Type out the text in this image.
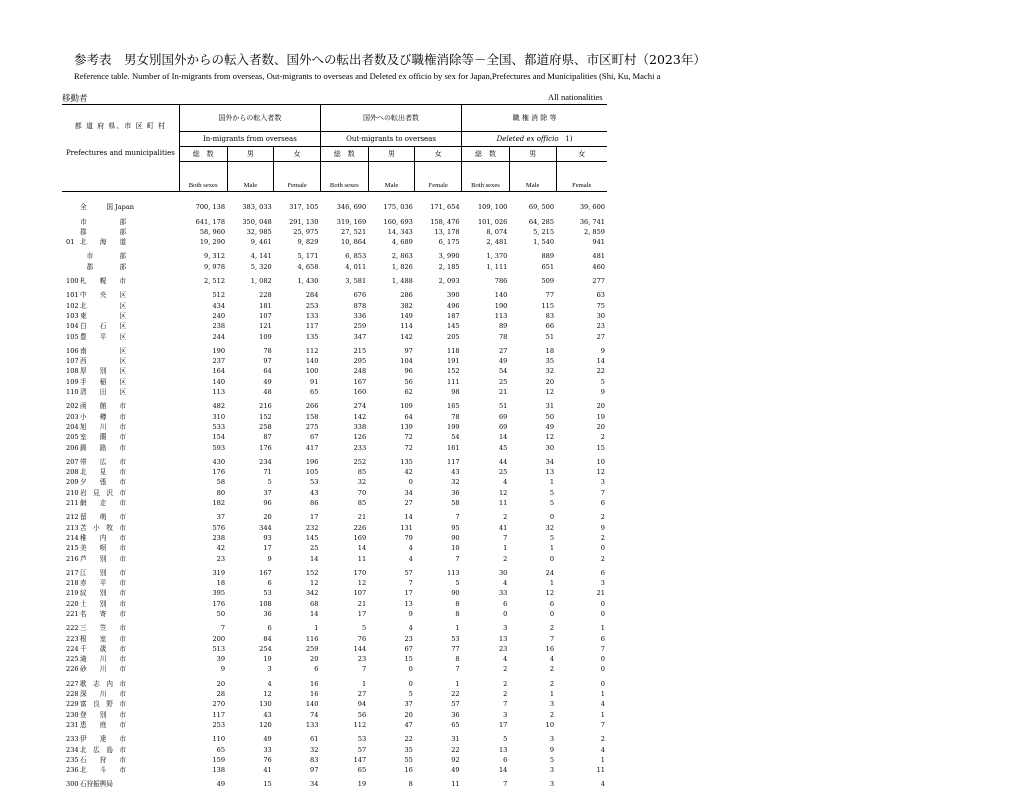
参考表　男女別国外からの転入者数、国外への転出者数及び職権消除等－全国、都道府県、市区町村（2023年）
Reference table. Number of In-migrants from overseas, Out-migrants to overseas and Deleted ex officio by sex for Japan,Prefectures and Municipalities (Shi, Ku, Machi a
移動者	All nationalities
都 道 府 県、市 区 町 村	国外からの転入者数			国外への転出者数			職 権 消 除 等		
	In-migrants from overseas			Out-migrants to overseas			Deleted ex officio 1)		
Prefectures and municipalities	総　数	男	女	総　数	男	女	総　数	男	女
	Both sexes	Male	Female	Both sexes	Male	Female	Both sexes	Male	Female

全　　　国 Japan	700, 138	383, 033	317, 105	346, 690	175, 036	171, 654	109, 100	69, 500	39, 600
市　　　　　部	641, 178	350, 048	291, 130	319, 169	160, 693	158, 476	101, 026	64, 285	36, 741
郡　　　　　部	58, 960	32, 985	25, 975	27, 521	14, 343	13, 178	8, 074	5, 215	2, 859
01 北　　海　　道	19, 290	9, 461	9, 829	10, 864	4, 689	6, 175	2, 481	1, 540	941
　市　　　　部	9, 312	4, 141	5, 171	6, 853	2, 863	3, 990	1, 370	889	481
　郡　　　　部	9, 978	5, 320	4, 658	4, 011	1, 826	2, 185	1, 111	651	460
100札　　幌　　市	2, 512	1, 082	1, 430	3, 581	1, 488	2, 093	786	509	277
101中　　央　　区	512	228	284	676	286	390	140	77	63
102北　　　　　区	434	181	253	878	382	496	190	115	75
103東　　　　　区	240	107	133	336	149	187	113	83	30
104白　　石　　区	238	121	117	259	114	145	89	66	23
105豊　　平　　区	244	109	135	347	142	205	78	51	27
106南　　　　　区	190	78	112	215	97	118	27	18	9
107西　　　　　区	237	97	140	295	104	191	49	35	14
108厚　　別　　区	164	64	100	248	96	152	54	32	22
109手　　稲　　区	140	49	91	167	56	111	25	20	5
110清　　田　　区	113	48	65	160	62	98	21	12	9
202函　　館　　市	482	216	266	274	109	165	51	31	20
203小　　樽　　市	310	152	158	142	64	78	69	50	19
204旭　　川　　市	533	258	275	338	139	199	69	49	20
205室　　蘭　　市	154	87	67	126	72	54	14	12	2
206釧　　路　　市	593	176	417	233	72	161	45	30	15
207帯　　広　　市	430	234	196	252	135	117	44	34	10
208北　　見　　市	176	71	105	85	42	43	25	13	12
209夕　　張　　市	58	5	53	32	0	32	4	1	3
210岩　見　沢　市	80	37	43	70	34	36	12	5	7
211網　　走　　市	182	96	86	85	27	58	11	5	6
212留　　萌　　市	37	20	17	21	14	7	2	0	2
213苫　小　牧　市	576	344	232	226	131	95	41	32	9
214稚　　内　　市	238	93	145	169	79	90	7	5	2
215美　　唄　　市	42	17	25	14	4	10	1	1	0
216芦　　別　　市	23	9	14	11	4	7	2	0	2
217江　　別　　市	319	167	152	170	57	113	30	24	6
218赤　　平　　市	18	6	12	12	7	5	4	1	3
219紋　　別　　市	395	53	342	107	17	90	33	12	21
220士　　別　　市	176	108	68	21	13	8	6	6	0
221名　　寄　　市	50	36	14	17	9	8	0	0	0
222三　　笠　　市	7	6	1	5	4	1	3	2	1
223根　　室　　市	200	84	116	76	23	53	13	7	6
224千　　歳　　市	513	254	259	144	67	77	23	16	7
225滝　　川　　市	39	19	20	23	15	8	4	4	0
226砂　　川　　市	9	3	6	7	0	7	2	2	0
227歌　志　内　市	20	4	16	1	0	1	2	2	0
228深　　川　　市	28	12	16	27	5	22	2	1	1
229富　良　野　市	270	130	140	94	37	57	7	3	4
230登　　別　　市	117	43	74	56	20	36	3	2	1
231恵　　庭　　市	253	120	133	112	47	65	17	10	7
233伊　　達　　市	110	49	61	53	22	31	5	3	2
234北　広　島　市	65	33	32	57	35	22	13	9	4
235石　　狩　　市	159	76	83	147	55	92	6	5	1
236北　　斗　　市	138	41	97	65	16	49	14	3	11
300石狩振興局	49	15	34	19	8	11	7	3	4
